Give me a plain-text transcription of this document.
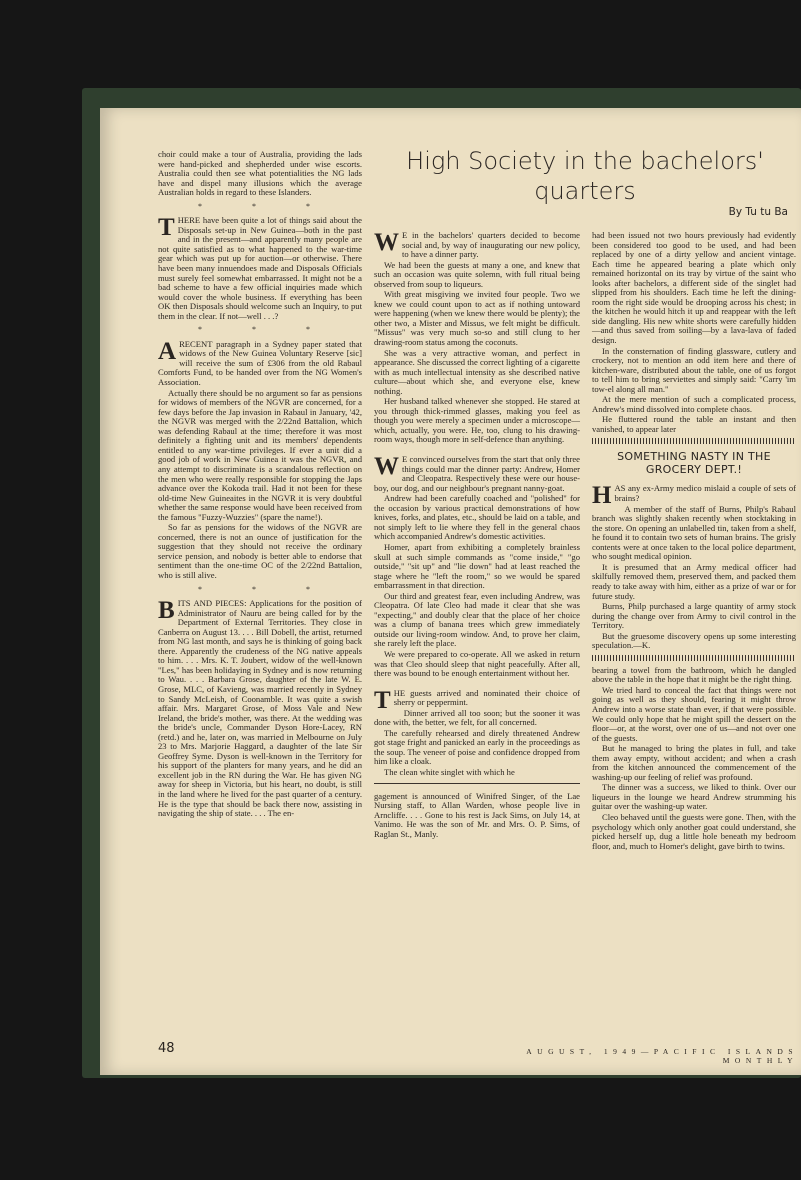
choir could make a tour of Australia, providing the lads were hand-picked and shepherded under wise escorts. Australia could then see what potentialities the NG lads have and dispel many illusions which the average Australian holds in regard to these Islanders.

* * *

THERE have been quite a lot of things said about the Disposals set-up in New Guinea—both in the past and in the present—and apparently many people are not quite satisfied as to what happened to the war-time gear which was put up for auction—or otherwise. There have been many innuendoes made and Disposals Officials must surely feel somewhat embarrassed. It might not be a bad scheme to have a few official inquiries made which would cover the whole business. If everything has been OK then Disposals should welcome such an Inquiry, to put them in the clear. If not—well . . .?

* * *

ARECENT paragraph in a Sydney paper stated that widows of the New Guinea Voluntary Reserve [sic] will receive the sum of £306 from the old Rabaul Comforts Fund, to be handed over from the NG Women's Association.

Actually there should be no argument so far as pensions for widows of members of the NGVR are concerned, for a few days before the Jap invasion in Rabaul in January, '42, the NGVR was merged with the 2/22nd Battalion, which was defending Rabaul at the time; therefore it was most definitely a fighting unit and its members' dependents entitled to any war-time privileges. If ever a unit did a good job of work in New Guinea it was the NGVR, and any attempt to discriminate is a scandalous reflection on the men who were really responsible for stopping the Japs advance over the Kokoda trail. Had it not been for these old-time New Guineaites in the NGVR it is very doubtful whether the same response would have been received from the famous "Fuzzy-Wuzzies" (spare the name!).

So far as pensions for the widows of the NGVR are concerned, there is not an ounce of justification for the suggestion that they should not receive the ordinary service pension, and nobody is better able to endorse that sentiment than the one-time OC of the 2/22nd Battalion, who is still alive.

* * *

BITS AND PIECES: Applications for the position of Administrator of Nauru are being called for by the Department of External Territories. They close in Canberra on August 13. . . . Bill Dobell, the artist, returned from NG last month, and says he is thinking of going back there. Apparently the crudeness of the NG native appeals to him. . . . Mrs. K. T. Joubert, widow of the well-known "Les," has been holidaying in Sydney and is now returning to Wau. . . . Barbara Grose, daughter of the late W. E. Grose, MLC, of Kavieng, was married recently in Sydney to Sandy McLeish, of Coonamble. It was quite a swish affair. Mrs. Margaret Grose, of Moss Vale and New Ireland, the bride's mother, was there. At the wedding was the bride's uncle, Commander Dyson Hore-Lacey, RN (retd.) and he, later on, was married in Melbourne on July 23 to Mrs. Marjorie Haggard, a daughter of the late Sir Geoffrey Syme. Dyson is well-known in the Territory for his support of the planters for many years, and he did an excellent job in the RN during the War. He has given NG away for sheep in Victoria, but his heart, no doubt, is still in the land where he lived for the past quarter of a century. He is the type that should be back there now, assisting in navigating the ship of state. . . . The en-

High Society in the bachelors' quarters
By Tu tu Ba

W E in the bachelors' quarters decided to become social and, by way of inaugurating our new policy, to have a dinner party.

We had been the guests at many a one, and knew that such an occasion was quite solemn, with full ritual being observed from soup to liqueurs.

With great misgiving we invited four people. Two we knew we could count upon to act as if nothing untoward were happening (when we knew there would be plenty); the other two, a Mister and Missus, we felt might be difficult. "Missus" was very much so-so and still clung to her drawing-room status among the coconuts.

She was a very attractive woman, and perfect in appearance. She discussed the correct lighting of a cigarette with as much intellectual intensity as she described native culture—about which she, and everyone else, knew nothing.

Her husband talked whenever she stopped. He stared at you through thick-rimmed glasses, making you feel as though you were merely a specimen under a microscope—which, actually, you were. He, too, clung to his drawing-room ways, though more in self-defence than anything.

W E convinced ourselves from the start that only three things could mar the dinner party: Andrew, Homer and Cleopatra. Respectively these were our house-boy, our dog, and our neighbour's pregnant nanny-goat.

Andrew had been carefully coached and "polished" for the occasion by various practical demonstrations of how knives, forks, and plates, etc., should be laid on a table, and not simply left to lie where they fell in the general chaos which accompanied Andrew's domestic activities.

Homer, apart from exhibiting a completely brainless skull at such simple commands as "come inside," "go outside," "sit up" and "lie down" had at least reached the stage where he "left the room," so we would be spared embarrassment in that direction.

Our third and greatest fear, even including Andrew, was Cleopatra. Of late Cleo had made it clear that she was "expecting," and doubly clear that the place of her choice was a clump of banana trees which grew immediately outside our living-room window. And, to prove her claim, she rarely left the place.

We were prepared to co-operate. All we asked in return was that Cleo should sleep that night peacefully. After all, there was bound to be enough entertainment without her.

THE guests arrived and nominated their choice of sherry or peppermint.

Dinner arrived all too soon; but the sooner it was done with, the better, we felt, for all concerned.

The carefully rehearsed and direly threatened Andrew got stage fright and panicked an early in the proceedings as the soup. The veneer of poise and confidence dropped from him like a cloak.

The clean white singlet with which he

gagement is announced of Winifred Singer, of the Lae Nursing staff, to Allan Warden, whose people live in Arncliffe. . . . Gone to his rest is Jack Sims, on July 14, at Vanimo. He was the son of Mr. and Mrs. O. P. Sims, of Raglan St., Manly.

had been issued not two hours previously had evidently been considered too good to be used, and had been replaced by one of a dirty yellow and ancient vintage. Each time he appeared bearing a plate which only remained horizontal on its tray by virtue of the saint who looks after bachelors, a different side of the singlet had slipped from his shoulders. Each time he left the dining-room the right side would be drooping across his chest; in the kitchen he would hitch it up and reappear with the left side dangling. His new white shorts were carefully hidden—and thus saved from soiling—by a lava-lava of faded design.

In the consternation of finding glassware, cutlery and crockery, not to mention an odd item here and there of kitchen-ware, distributed about the table, one of us forgot to tell him to bring serviettes and simply said: "Carry 'im tow-el along all man."

At the mere mention of such a complicated process, Andrew's mind dissolved into complete chaos.

He fluttered round the table an instant and then vanished, to appear later

SOMETHING NASTY IN THE GROCERY DEPT.!

HAS any ex-Army medico mislaid a couple of sets of brains?

A member of the staff of Burns, Philp's Rabaul branch was slightly shaken recently when stocktaking in the store. On opening an unlabelled tin, taken from a shelf, he found it to contain two sets of human brains. The grisly contents were at once taken to the local police department, who sought medical opinion.

It is presumed that an Army medical officer had skilfully removed them, preserved them, and packed them ready to take away with him, either as a prize of war or for future study.

Burns, Philp purchased a large quantity of army stock during the change over from Army to civil control in the Territory.

But the gruesome discovery opens up some interesting speculation.—K.

bearing a towel from the bathroom, which he dangled above the table in the hope that it might be the right thing.

We tried hard to conceal the fact that things were not going as well as they should, fearing it might throw Andrew into a worse state than ever, if that were possible. We could only hope that he might spill the dessert on the floor—or, at the worst, over one of us—and not over one of the guests.

But he managed to bring the plates in full, and take them away empty, without accident; and when a crash from the kitchen announced the commencement of the washing-up our feeling of relief was profound.

The dinner was a success, we liked to think. Over our liqueurs in the lounge we heard Andrew strumming his guitar over the washing-up water.

Cleo behaved until the guests were gone. Then, with the psychology which only another goat could understand, she picked herself up, dug a little hole beneath my bedroom floor, and, much to Homer's delight, gave birth to twins.

48	AUGUST, 1949—PACIFIC ISLANDS MONTHLY
